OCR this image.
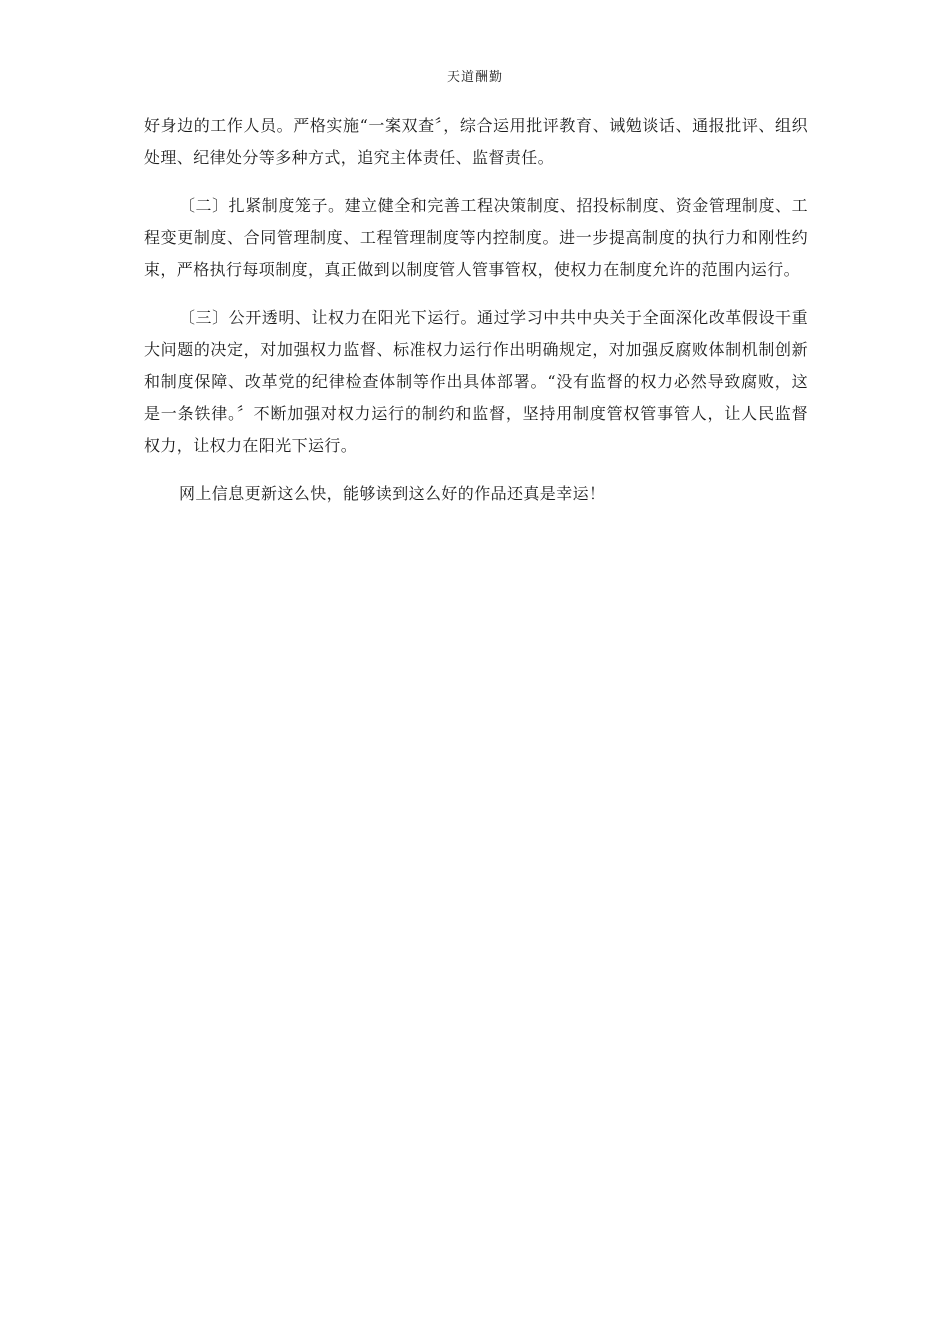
天道酬勤

好身边的工作人员。严格实施“一案双查〞，综合运用批评教育、诫勉谈话、通报批评、组织处理、纪律处分等多种方式，追究主体责任、监督责任。

〔二〕扎紧制度笼子。建立健全和完善工程决策制度、招投标制度、资金管理制度、工程变更制度、合同管理制度、工程管理制度等内控制度。进一步提高制度的执行力和刚性约束，严格执行每项制度，真正做到以制度管人管事管权，使权力在制度允许的范围内运行。

〔三〕公开透明、让权力在阳光下运行。通过学习中共中央关于全面深化改革假设干重大问题的决定，对加强权力监督、标准权力运行作出明确规定，对加强反腐败体制机制创新和制度保障、改革党的纪律检查体制等作出具体部署。“没有监督的权力必然导致腐败，这是一条铁律。〞不断加强对权力运行的制约和监督，坚持用制度管权管事管人，让人民监督权力，让权力在阳光下运行。

网上信息更新这么快，能够读到这么好的作品还真是幸运！
